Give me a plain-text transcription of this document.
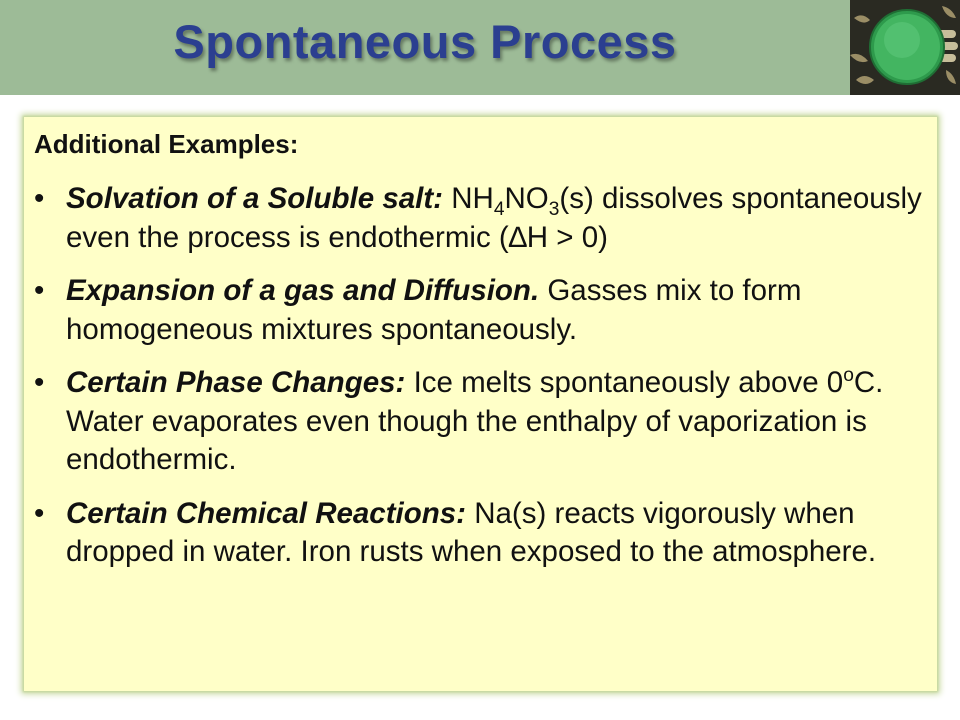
Spontaneous Process
Additional Examples:
• Solvation of a Soluble salt: $NH_4NO_3(s)$ dissolves spontaneously even the process is endothermic (∆H > 0)
• Expansion of a gas and Diffusion. Gasses mix to form homogeneous mixtures spontaneously.
• Certain Phase Changes: Ice melts spontaneously above 0$^o$C. Water evaporates even though the enthalpy of vaporization is endothermic.
• Certain Chemical Reactions: Na(s) reacts vigorously when dropped in water. Iron rusts when exposed to the atmosphere.
